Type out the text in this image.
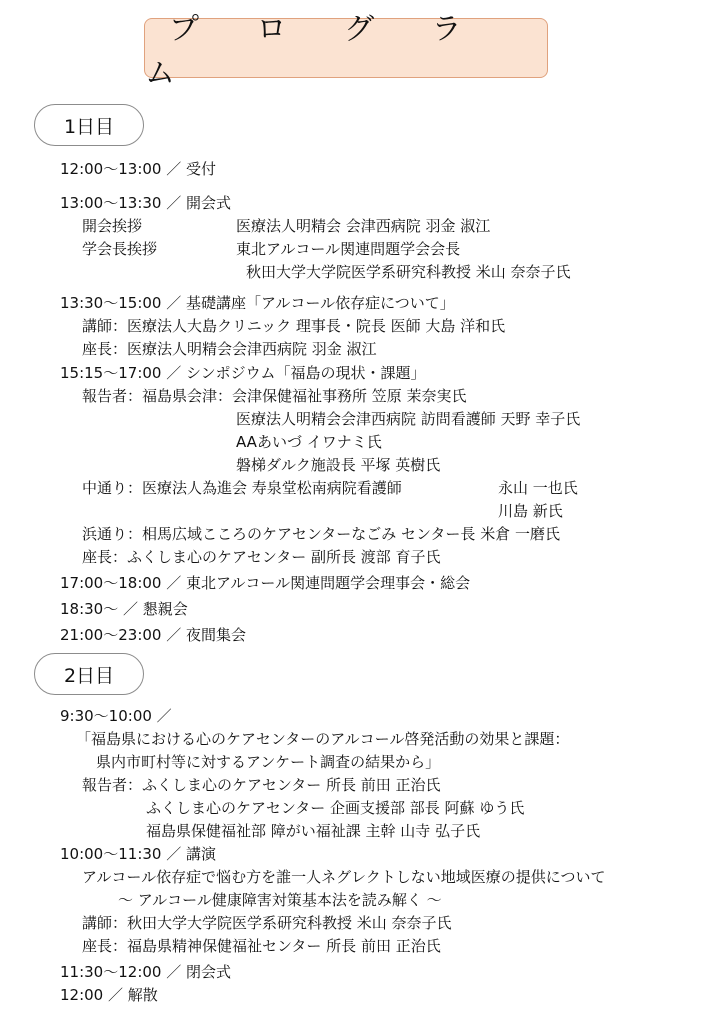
プ ロ グ ラ ム
1日目
12:00～13:00 ／ 受付
13:00～13:30 ／ 開会式
開会挨拶	医療法人明精会 会津西病院 羽金 淑江
学会長挨拶	東北アルコール関連問題学会会長
秋田大学大学院医学系研究科教授 米山 奈奈子氏
13:30～15:00 ／ 基礎講座「アルコール依存症について」
講師：医療法人大島クリニック 理事長・院長 医師 大島 洋和氏
座長：医療法人明精会会津西病院 羽金 淑江
15:15～17:00 ／ シンポジウム「福島の現状・課題」
報告者：福島県会津：会津保健福祉事務所 笠原 茉奈実氏
医療法人明精会会津西病院 訪問看護師 天野 幸子氏
AAあいづ イワナミ氏
磐梯ダルク施設長 平塚 英樹氏
中通り：医療法人為進会 寿泉堂松南病院看護師	永山 一也氏
川島 新氏
浜通り：相馬広域こころのケアセンターなごみ センター長 米倉 一磨氏
座長：ふくしま心のケアセンター 副所長 渡部 育子氏
17:00～18:00 ／ 東北アルコール関連問題学会理事会・総会
18:30～ ／ 懇親会
21:00～23:00 ／ 夜間集会
2日目
9:30～10:00 ／
「福島県における心のケアセンターのアルコール啓発活動の効果と課題：
県内市町村等に対するアンケート調査の結果から」
報告者：ふくしま心のケアセンター 所長 前田 正治氏
ふくしま心のケアセンター 企画支援部 部長 阿蘇 ゆう氏
福島県保健福祉部 障がい福祉課 主幹 山寺 弘子氏
10:00～11:30 ／ 講演
アルコール依存症で悩む方を誰一人ネグレクトしない地域医療の提供について
～ アルコール健康障害対策基本法を読み解く ～
講師：秋田大学大学院医学系研究科教授 米山 奈奈子氏
座長：福島県精神保健福祉センター 所長 前田 正治氏
11:30～12:00 ／ 閉会式
12:00 ／ 解散
